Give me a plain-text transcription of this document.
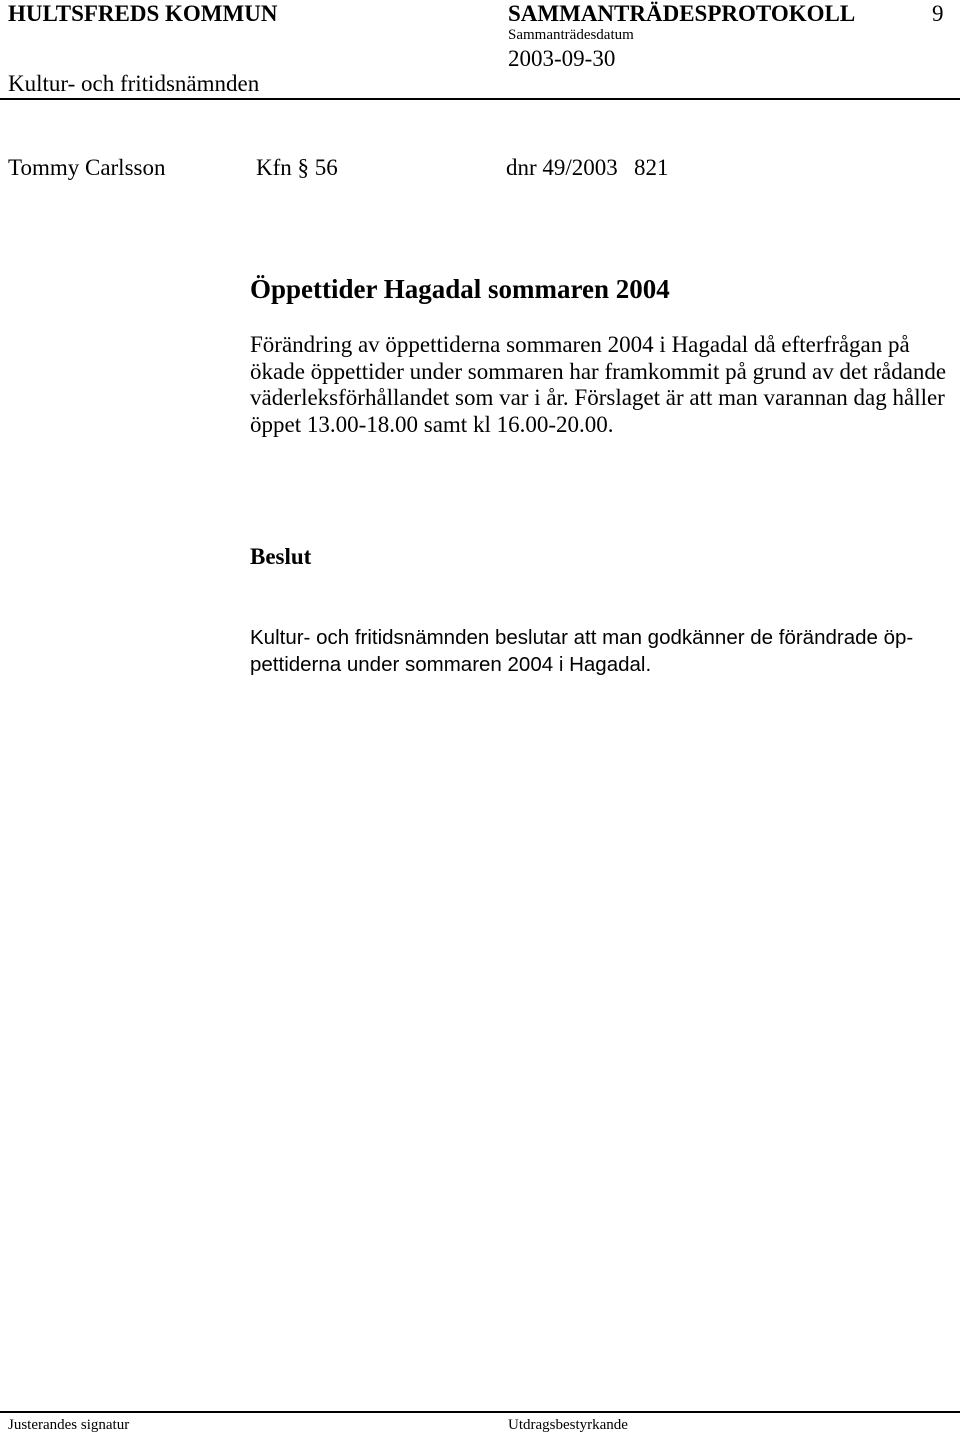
HULTSFREDS KOMMUN	SAMMANTRÄDESPROTOKOLL	9
Sammanträdesdatum
2003-09-30
Kultur- och fritidsnämnden
Tommy Carlsson	Kfn § 56	dnr 49/2003 821
Öppettider Hagadal sommaren 2004
Förändring av öppettiderna sommaren 2004 i Hagadal då efterfrågan på
ökade öppettider under sommaren har framkommit på grund av det rådande
väderleksförhållandet som var i år. Förslaget är att man varannan dag håller
öppet 13.00-18.00 samt kl 16.00-20.00.
Beslut
Kultur- och fritidsnämnden beslutar att man godkänner de förändrade öp-
pettiderna under sommaren 2004 i Hagadal.
Justerandes signatur	Utdragsbestyrkande
